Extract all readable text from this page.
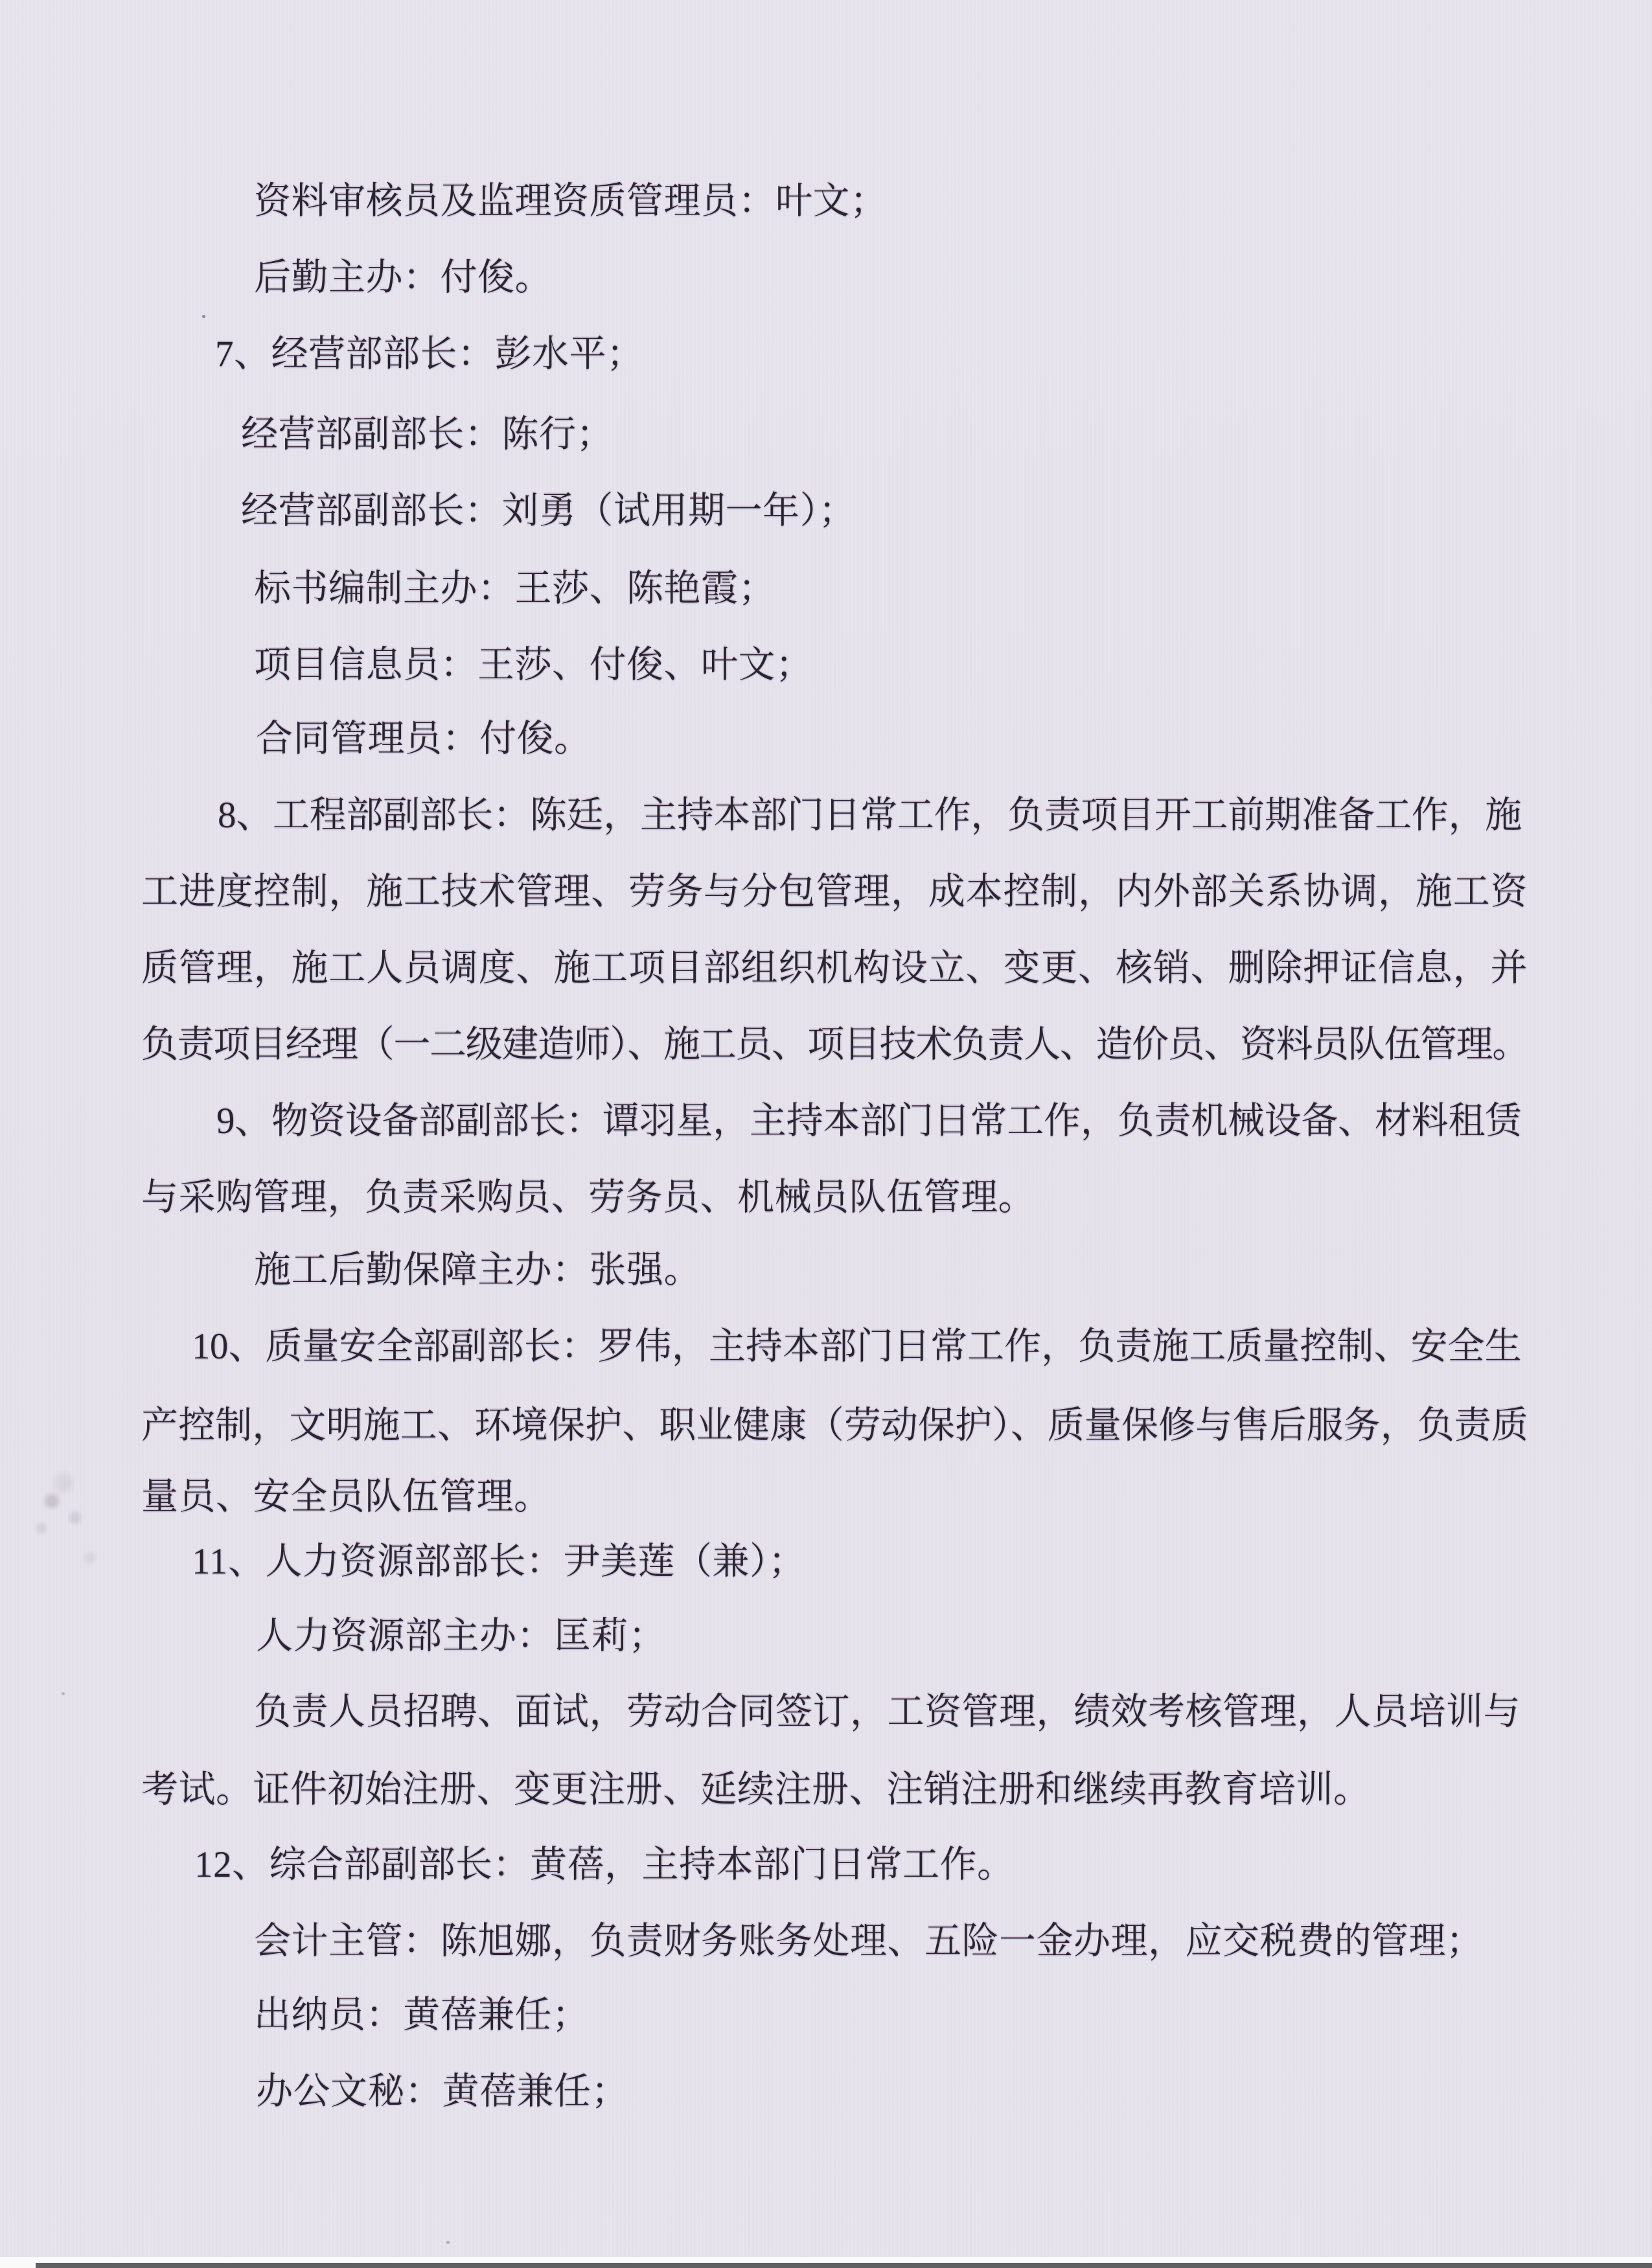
资料审核员及监理资质管理员：叶文；
后勤主办：付俊。
7、经营部部长：彭水平；
经营部副部长：陈行；
经营部副部长：刘勇（试用期一年）；
标书编制主办：王莎、陈艳霞；
项目信息员：王莎、付俊、叶文；
合同管理员：付俊。
8、工程部副部长：陈廷，主持本部门日常工作，负责项目开工前期准备工作，施
工进度控制，施工技术管理、劳务与分包管理，成本控制，内外部关系协调，施工资
质管理，施工人员调度、施工项目部组织机构设立、变更、核销、删除押证信息，并
负责项目经理（一二级建造师）、施工员、项目技术负责人、造价员、资料员队伍管理。
9、物资设备部副部长：谭羽星，主持本部门日常工作，负责机械设备、材料租赁
与采购管理，负责采购员、劳务员、机械员队伍管理。
施工后勤保障主办：张强。
10、质量安全部副部长：罗伟，主持本部门日常工作，负责施工质量控制、安全生
产控制，文明施工、环境保护、职业健康（劳动保护）、质量保修与售后服务，负责质
量员、安全员队伍管理。
11、人力资源部部长：尹美莲（兼）；
人力资源部主办：匡莉；
负责人员招聘、面试，劳动合同签订，工资管理，绩效考核管理，人员培训与
考试。证件初始注册、变更注册、延续注册、注销注册和继续再教育培训。
12、综合部副部长：黄蓓，主持本部门日常工作。
会计主管：陈旭娜，负责财务账务处理、五险一金办理，应交税费的管理；
出纳员：黄蓓兼任；
办公文秘：黄蓓兼任；
